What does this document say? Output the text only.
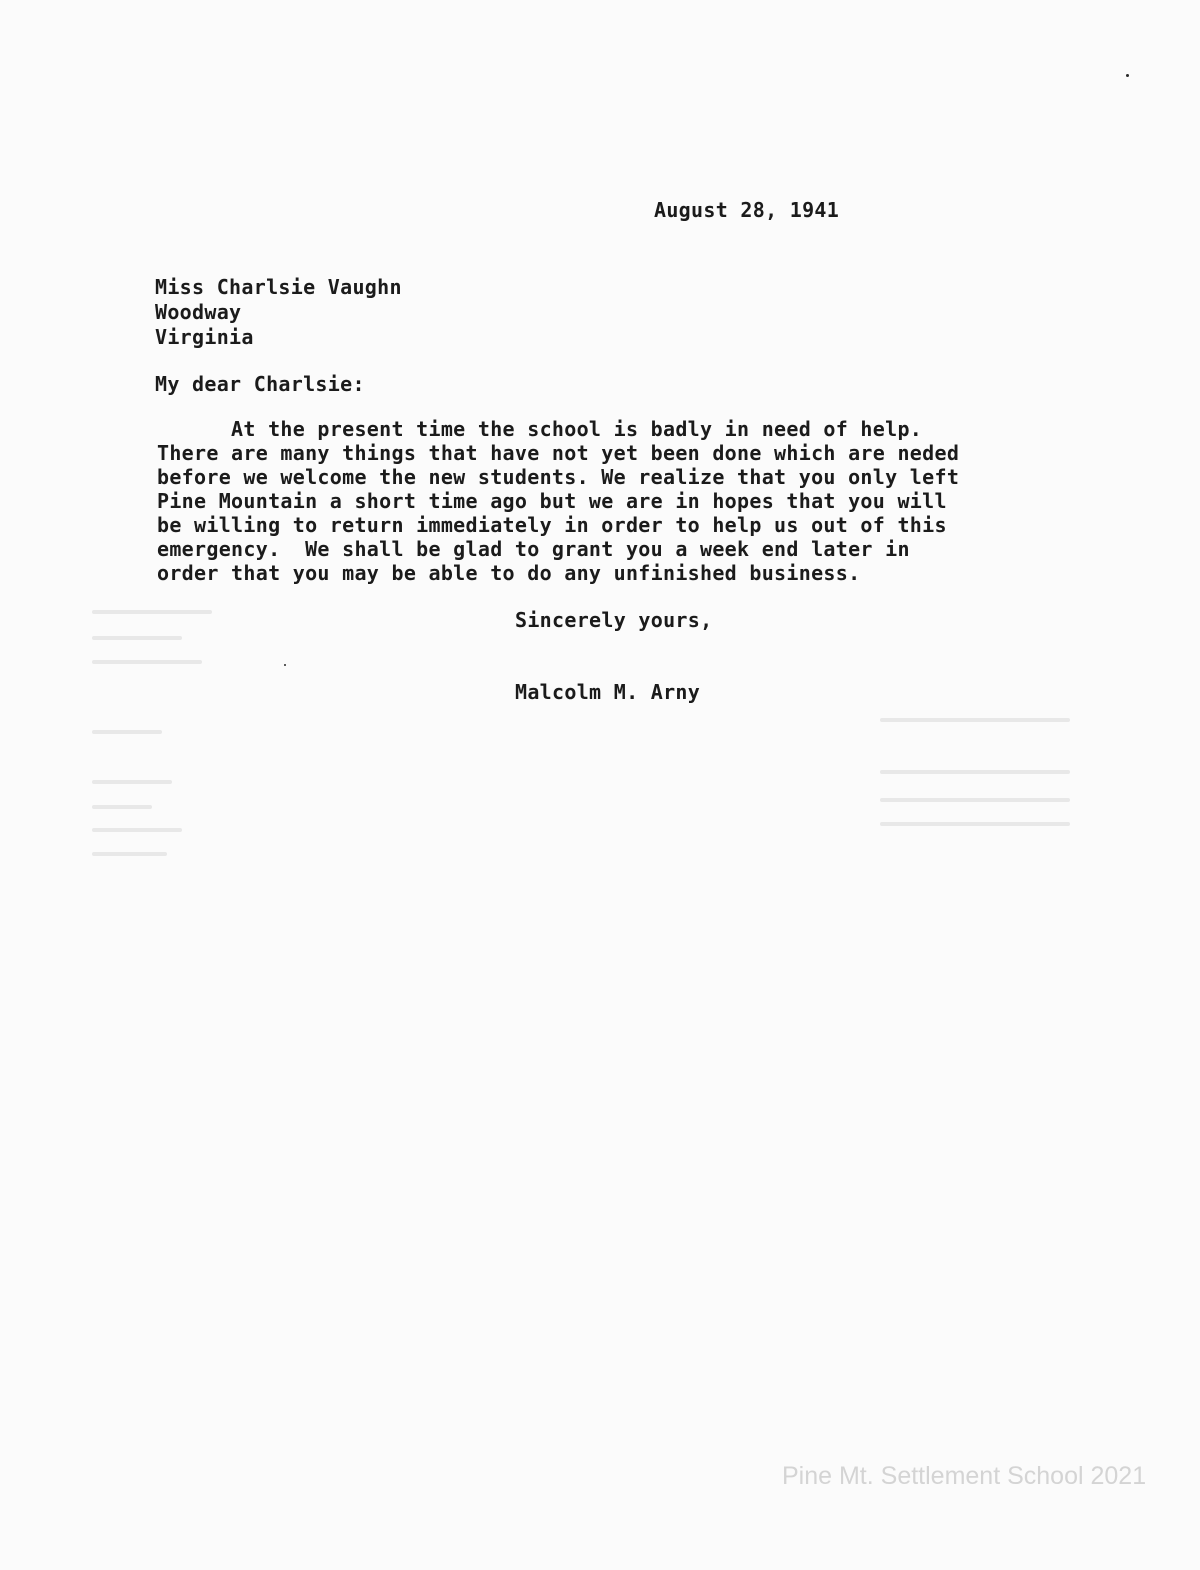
August 28, 1941
Miss Charlsie Vaughn
Woodway
Virginia
My dear Charlsie:
At the present time the school is badly in need of help.
There are many things that have not yet been done which are neded
before we welcome the new students. We realize that you only left
Pine Mountain a short time ago but we are in hopes that you will
be willing to return immediately in order to help us out of this
emergency.  We shall be glad to grant you a week end later in
order that you may be able to do any unfinished business.
Sincerely yours,
Malcolm M. Arny
Pine Mt. Settlement School 2021
